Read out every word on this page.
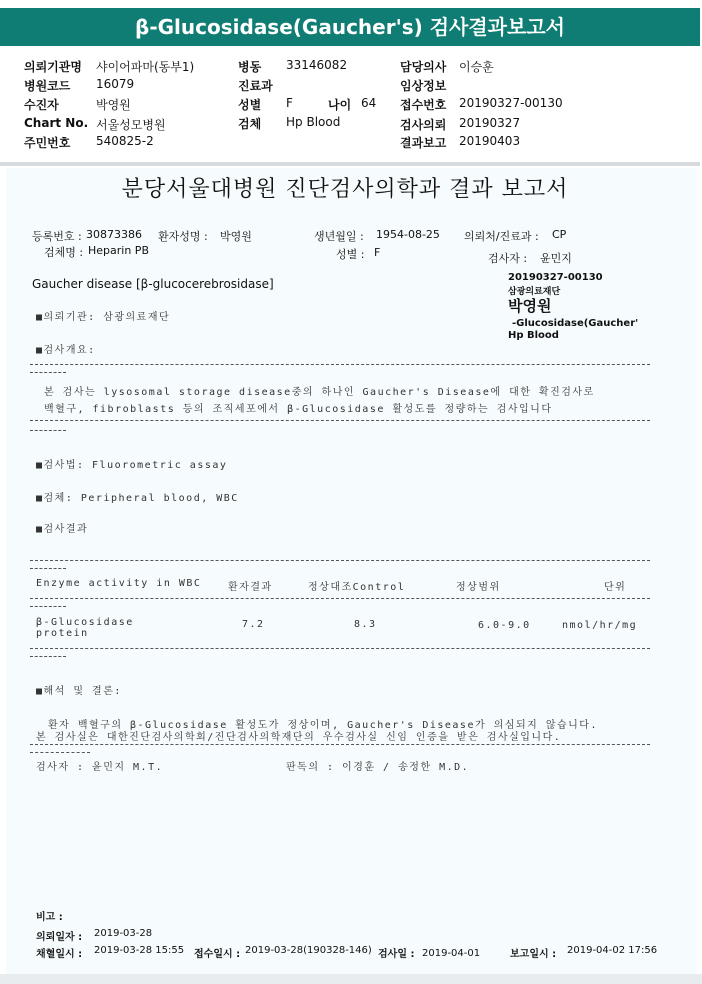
β-Glucosidase(Gaucher's) 검사결과보고서
의뢰기관명 샤이어파마(동부1)	병동 33146082	담당의사 이승훈
병원코드 16079	진료과	임상정보
수진자	박영원	성별 F	나이 64 접수번호 20190327-00130
Chart No. 서울성모병원	검체 Hp Blood	검사의뢰 20190327
주민번호 540825-2	결과보고 20190403
분당서울대병원 진단검사의학과 결과 보고서
등록번호 : 30873386 환자성명 : 박영원	생년월일 : 1954-08-25 의뢰처/진료과 : CP
검체명 : Heparin PB	성별 : F	검사자 : 윤민지
Gaucher disease [β-glucocerebrosidase]	20190327-00130
삼광의료재단
박영원
-Glucosidase(Gaucher'
Hp Blood
■의뢰기관: 삼광의료재단
■검사개요:
본 검사는 lysosomal storage disease중의 하나인 Gaucher's Disease에 대한 확진검사로
백혈구, fibroblasts 등의 조직세포에서 β-Glucosidase 활성도를 정량하는 검사입니다
■검사법: Fluorometric assay
■검체: Peripheral blood, WBC
■검사결과
Enzyme activity in WBC	환자결과	정상대조Control	정상범위	단위
β-Glucosidase
protein
7.2	8.3	6.0-9.0	nmol/hr/mg
■해석 및 결론:
환자 백혈구의 β-Glucosidase 활성도가 정상이며, Gaucher's Disease가 의심되지 않습니다.
본 검사실은 대한진단검사의학회/진단검사의학재단의 우수검사실 신임 인증을 받은 검사실입니다.
검사자 : 윤민지 M.T.	판독의 : 이경훈 / 송정한 M.D.
비고 :
의뢰일자 : 2019-03-28
채혈일시 : 2019-03-28 15:55 접수일시 : 2019-03-28(190328-146) 검사일 : 2019-04-01	보고일시 : 2019-04-02 17:56
